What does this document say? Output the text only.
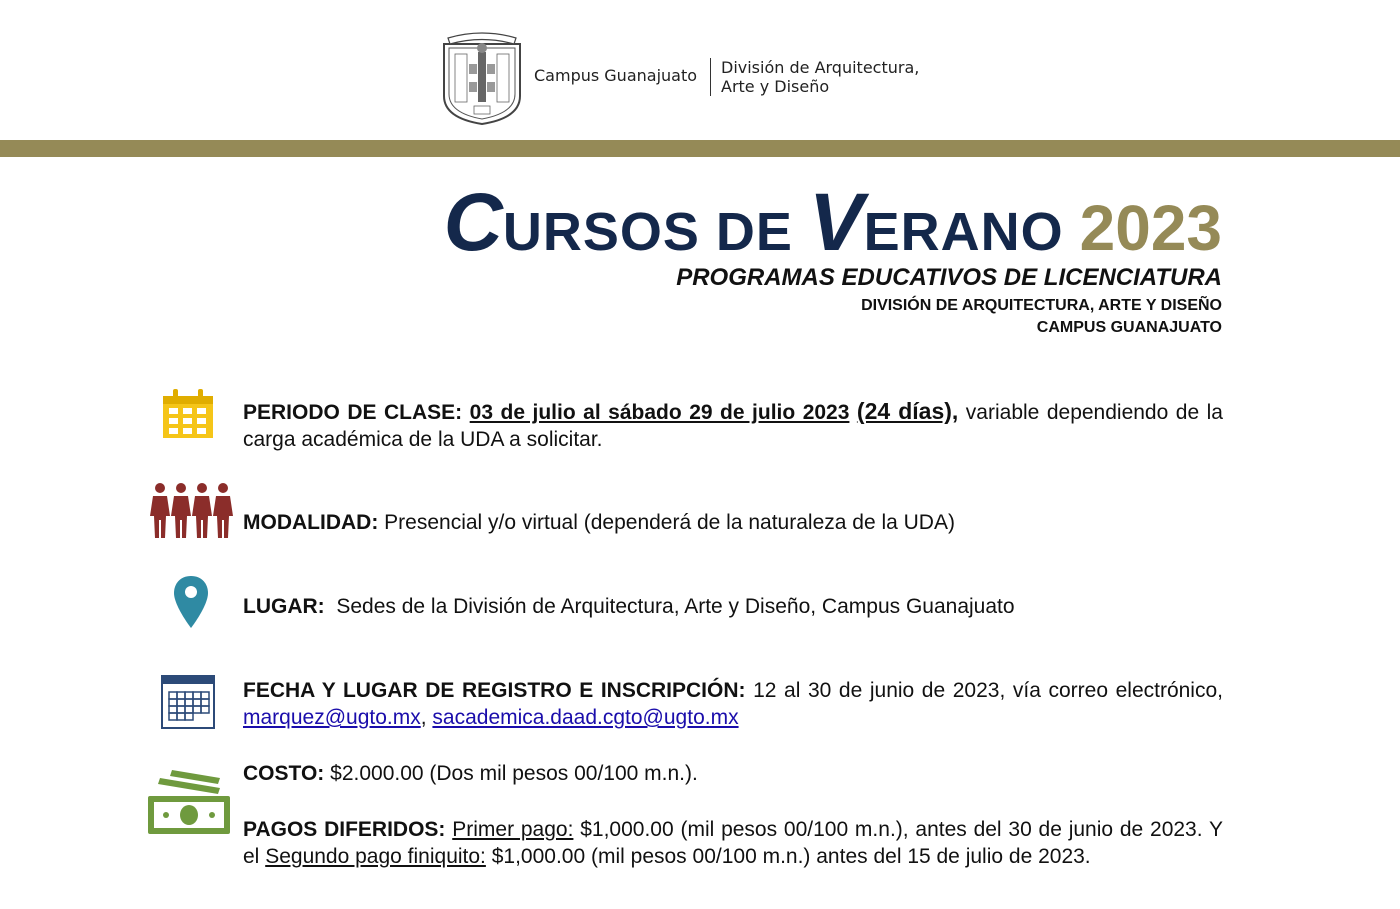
Campus Guanajuato División de Arquitectura,
Arte y Diseño
CURSOS DE VERANO 2023
PROGRAMAS EDUCATIVOS DE LICENCIATURA
DIVISIÓN DE ARQUITECTURA, ARTE Y DISEÑO
CAMPUS GUANAJUATO
PERIODO DE CLASE: 03 de julio al sábado 29 de julio 2023 (24 días), variable dependiendo de la carga académica de la UDA a solicitar.
MODALIDAD: Presencial y/o virtual (dependerá de la naturaleza de la UDA)
LUGAR: Sedes de la División de Arquitectura, Arte y Diseño, Campus Guanajuato
FECHA Y LUGAR DE REGISTRO E INSCRIPCIÓN: 12 al 30 de junio de 2023, vía correo electrónico, marquez@ugto.mx, sacademica.daad.cgto@ugto.mx
COSTO: $2.000.00 (Dos mil pesos 00/100 m.n.).
PAGOS DIFERIDOS: Primer pago: $1,000.00 (mil pesos 00/100 m.n.), antes del 30 de junio de 2023. Y el Segundo pago finiquito: $1,000.00 (mil pesos 00/100 m.n.) antes del 15 de julio de 2023.
